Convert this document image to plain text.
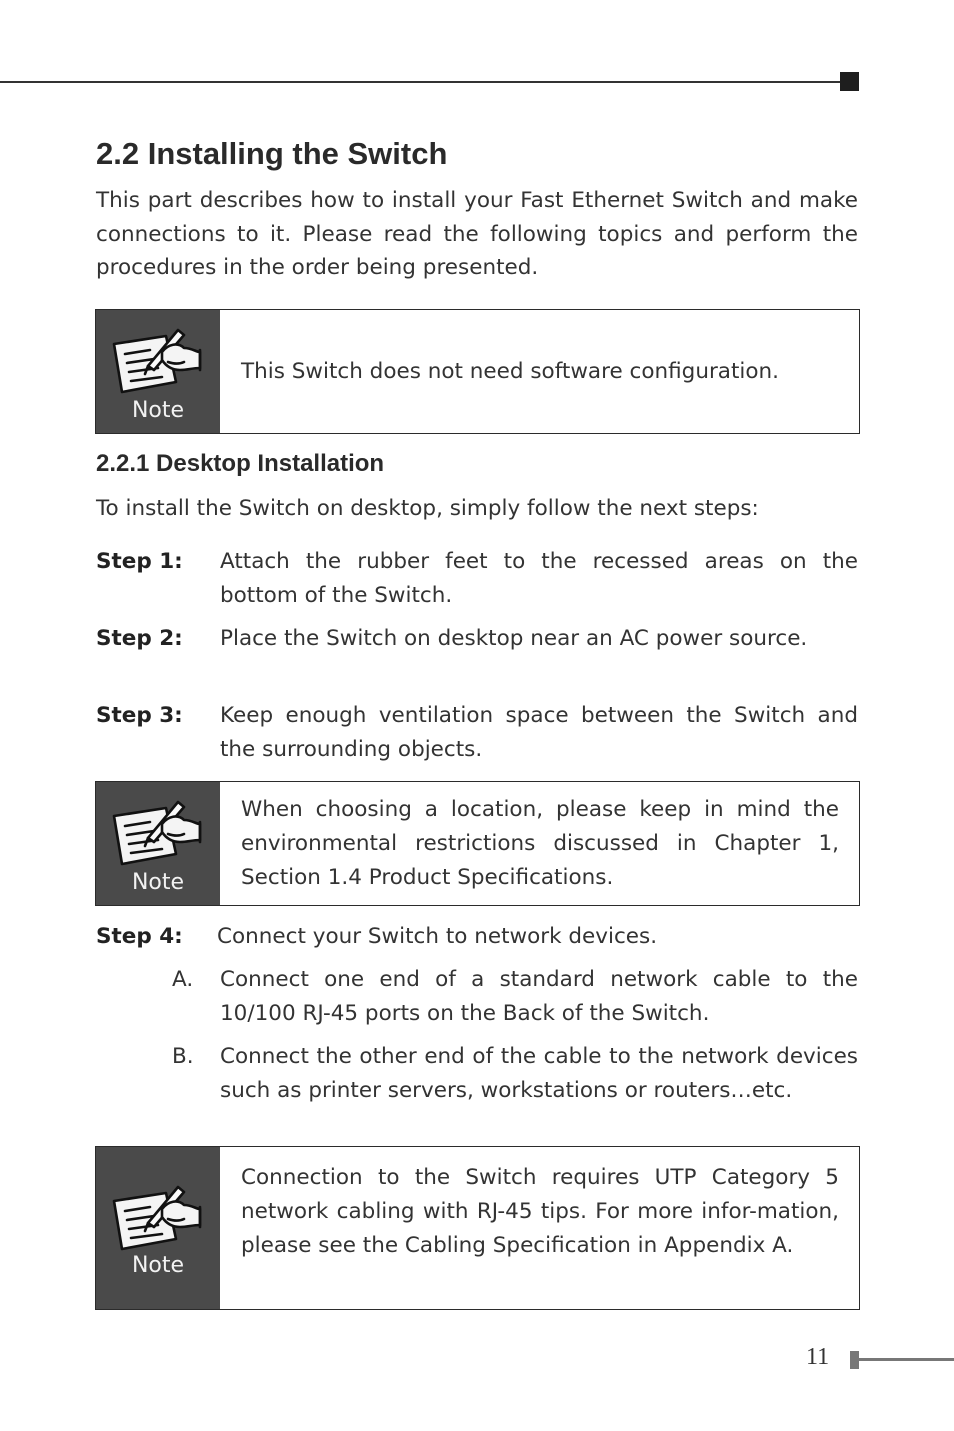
2.2 Installing the Switch

This part describes how to install your Fast Ethernet Switch and make connections to it. Please read the following topics and perform the procedures in the order being presented.

Note

This Switch does not need software configuration.

2.2.1 Desktop Installation

To install the Switch on desktop, simply follow the next steps:

Step 1: Attach the rubber feet to the recessed areas on the bottom of the Switch.

Step 2: Place the Switch on desktop near an AC power source.

Step 3: Keep enough ventilation space between the Switch and the surrounding objects.

Note

When choosing a location, please keep in mind the environmental restrictions discussed in Chapter 1, Section 1.4 Product Specifications.

Step 4: Connect your Switch to network devices.

A. Connect one end of a standard network cable to the 10/100 RJ-45 ports on the Back of the Switch.

B. Connect the other end of the cable to the network devices such as printer servers, workstations or routers…etc.

Note

Connection to the Switch requires UTP Category 5 network cabling with RJ-45 tips. For more infor-mation, please see the Cabling Specification in Appendix A.

11
